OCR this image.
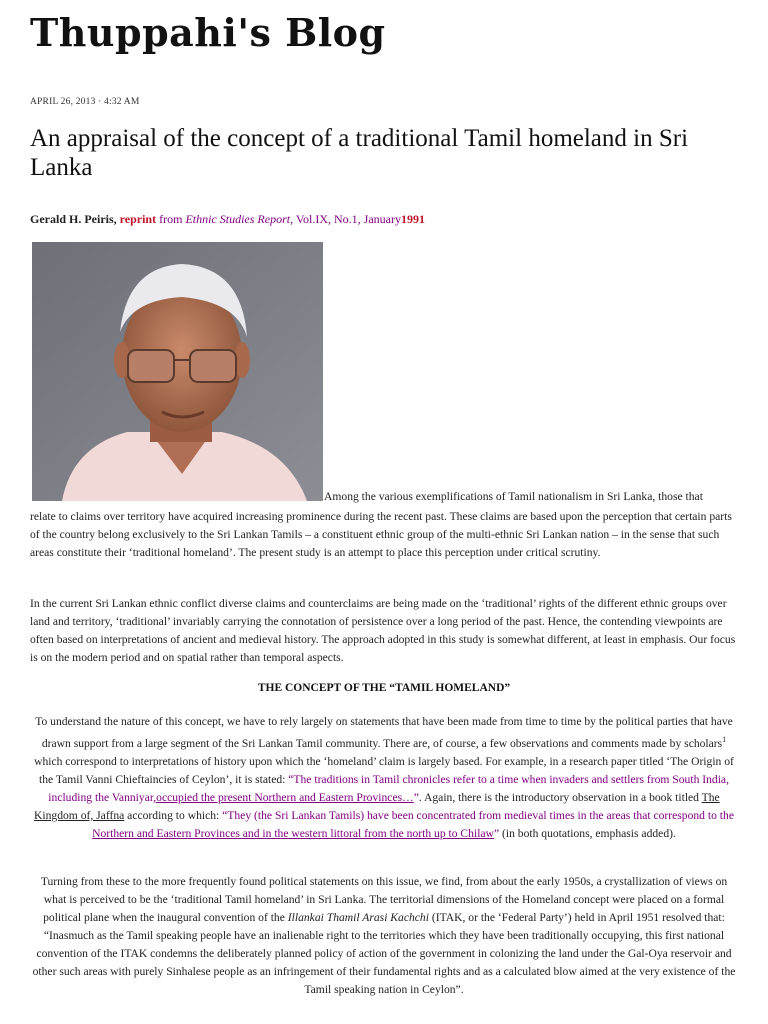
Thuppahi's Blog
APRIL 26, 2013 · 4:32 AM
An appraisal of the concept of a traditional Tamil homeland in Sri Lanka
Gerald H. Peiris, reprint from Ethnic Studies Report, Vol.IX, No.1, January1991
Among the various exemplifications of Tamil nationalism in Sri Lanka, those that
relate to claims over territory have acquired increasing prominence during the recent past. These claims are based upon the perception that certain parts of the country belong exclusively to the Sri Lankan Tamils – a constituent ethnic group of the multi-ethnic Sri Lankan nation – in the sense that such areas constitute their ‘traditional homeland’. The present study is an attempt to place this perception under critical scrutiny.
In the current Sri Lankan ethnic conflict diverse claims and counterclaims are being made on the ‘traditional’ rights of the different ethnic groups over land and territory, ‘traditional’ invariably carrying the connotation of persistence over a long period of the past. Hence, the contending viewpoints are often based on interpretations of ancient and medieval history. The approach adopted in this study is somewhat different, at least in emphasis. Our focus is on the modern period and on spatial rather than temporal aspects.
THE CONCEPT OF THE “TAMIL HOMELAND”
To understand the nature of this concept, we have to rely largely on statements that have been made from time to time by the political parties that have drawn support from a large segment of the Sri Lankan Tamil community. There are, of course, a few observations and comments made by scholars$^1$ which correspond to interpretations of history upon which the ‘homeland’ claim is largely based. For example, in a research paper titled ‘The Origin of the Tamil Vanni Chieftaincies of Ceylon’, it is stated: “The traditions in Tamil chronicles refer to a time when invaders and settlers from South India, including the Vanniyar,occupied the present Northern and Eastern Provinces…”. Again, there is the introductory observation in a book titled The Kingdom of, Jaffna according to which: “They (the Sri Lankan Tamils) have been concentrated from medieval times in the areas that correspond to the Northern and Eastern Provinces and in the western littoral from the north up to Chilaw” (in both quotations, emphasis added).
Turning from these to the more frequently found political statements on this issue, we find, from about the early 1950s, a crystallization of views on what is perceived to be the ‘traditional Tamil homeland’ in Sri Lanka. The territorial dimensions of the Homeland concept were placed on a formal political plane when the inaugural convention of the Illankai Thamil Arasi Kachchi (ITAK, or the ‘Federal Party’) held in April 1951 resolved that: “Inasmuch as the Tamil speaking people have an inalienable right to the territories which they have been traditionally occupying, this first national convention of the ITAK condemns the deliberately planned policy of action of the government in colonizing the land under the Gal-Oya reservoir and other such areas with purely Sinhalese people as an infringement of their fundamental rights and as a calculated blow aimed at the very existence of the Tamil speaking nation in Ceylon”.
